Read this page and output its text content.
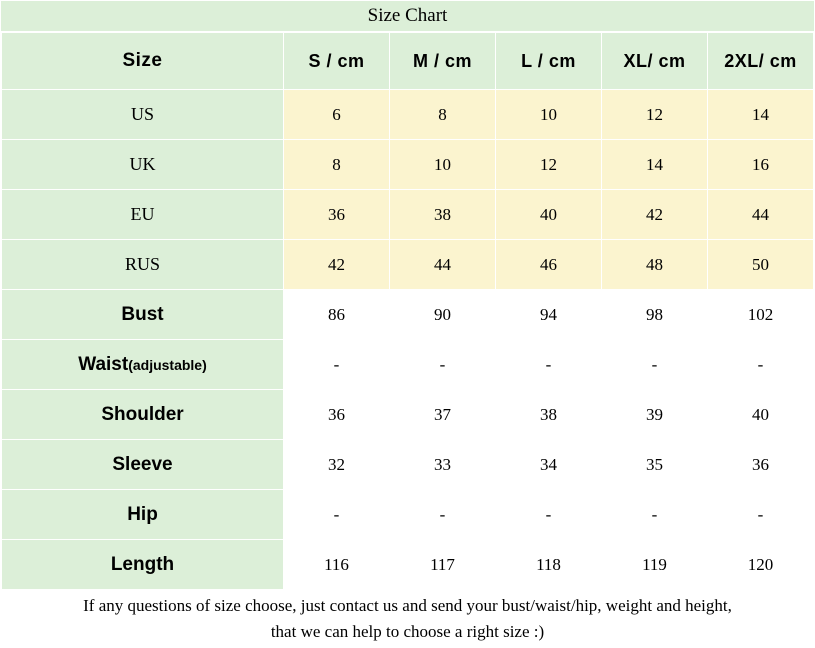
Size Chart
Size	S / cm	M / cm	L / cm	XL/ cm	2XL/ cm
US	6	8	10	12	14
UK	8	10	12	14	16
EU	36	38	40	42	44
RUS	42	44	46	48	50
Bust	86	90	94	98	102
Waist(adjustable)	-	-	-	-	-
Shoulder	36	37	38	39	40
Sleeve	32	33	34	35	36
Hip	-	-	-	-	-
Length	116	117	118	119	120
If any questions of size choose, just contact us and send your bust/waist/hip, weight and height,
that we can help to choose a right size :)
